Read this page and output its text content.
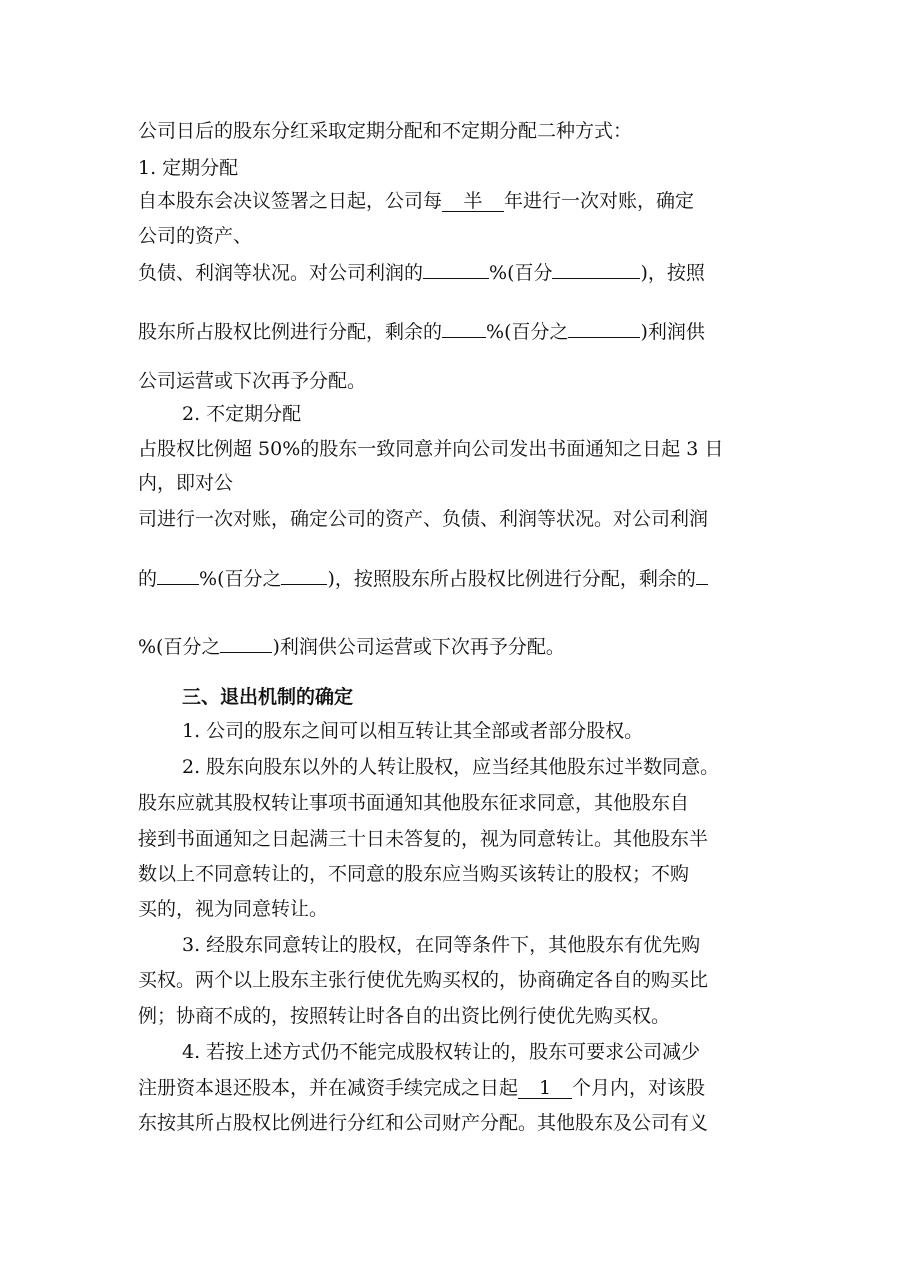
公司日后的股东分红采取定期分配和不定期分配二种方式：
1. 定期分配
自本股东会决议签署之日起，公司每 半 年进行一次对账，确定
公司的资产、
负债、利润等状况。对公司利润的	%(百分	)，按照
股东所占股权比例进行分配，剩余的 %(百分之	)利润供
公司运营或下次再予分配。
2. 不定期分配
占股权比例超 50%的股东一致同意并向公司发出书面通知之日起 3 日
内，即对公
司进行一次对账，确定公司的资产、负债、利润等状况。对公司利润
的 %(百分之 )，按照股东所占股权比例进行分配，剩余的
%(百分之	)利润供公司运营或下次再予分配。
三、退出机制的确定
1. 公司的股东之间可以相互转让其全部或者部分股权。
2. 股东向股东以外的人转让股权，应当经其他股东过半数同意。
股东应就其股权转让事项书面通知其他股东征求同意，其他股东自
接到书面通知之日起满三十日未答复的，视为同意转让。其他股东半
数以上不同意转让的，不同意的股东应当购买该转让的股权；不购
买的，视为同意转让。
3. 经股东同意转让的股权，在同等条件下，其他股东有优先购
买权。两个以上股东主张行使优先购买权的，协商确定各自的购买比
例；协商不成的，按照转让时各自的出资比例行使优先购买权。
4. 若按上述方式仍不能完成股权转让的，股东可要求公司减少
注册资本退还股本，并在减资手续完成之日起 1 个月内，对该股
东按其所占股权比例进行分红和公司财产分配。其他股东及公司有义
